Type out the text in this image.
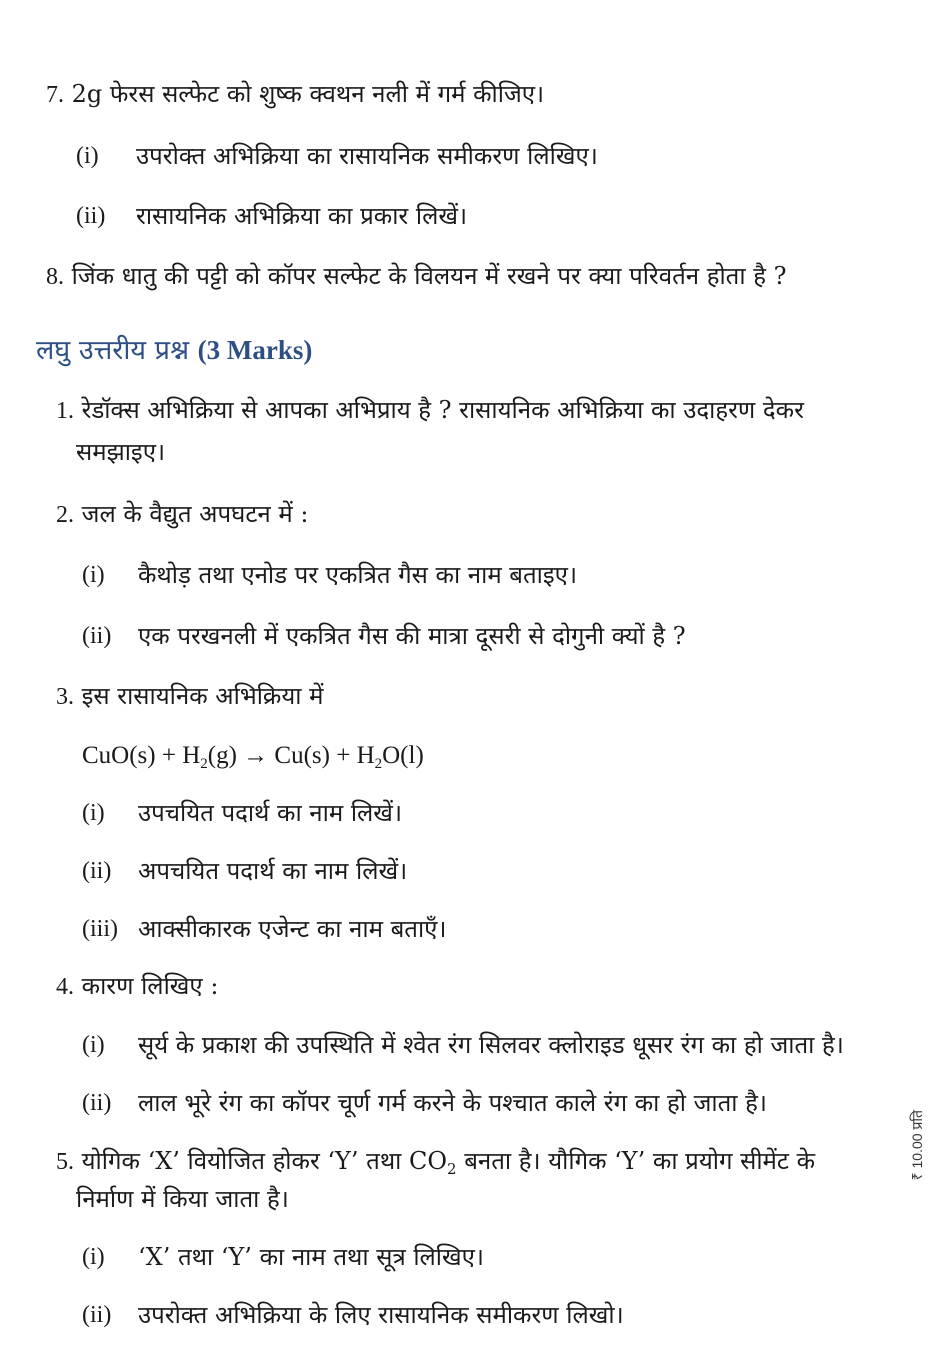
7. 2g फेरस सल्फेट को शुष्क क्वथन नली में गर्म कीजिए।
(i) उपरोक्त अभिक्रिया का रासायनिक समीकरण लिखिए।
(ii) रासायनिक अभिक्रिया का प्रकार लिखें।
8. जिंक धातु की पट्टी को कॉपर सल्फेट के विलयन में रखने पर क्या परिवर्तन होता है ?
लघु उत्तरीय प्रश्न (3 Marks)
1. रेडॉक्स अभिक्रिया से आपका अभिप्राय है ? रासायनिक अभिक्रिया का उदाहरण देकर
समझाइए।
2. जल के वैद्युत अपघटन में :
(i) कैथोड़ तथा एनोड पर एकत्रित गैस का नाम बताइए।
(ii) एक परखनली में एकत्रित गैस की मात्रा दूसरी से दोगुनी क्यों है ?
3. इस रासायनिक अभिक्रिया में
$CuO(s) + H_2(g) \to Cu(s) + H_2O(l)$
(i) उपचयित पदार्थ का नाम लिखें।
(ii) अपचयित पदार्थ का नाम लिखें।
(iii) आक्सीकारक एजेन्ट का नाम बताएँ।
4. कारण लिखिए :
(i) सूर्य के प्रकाश की उपस्थिति में श्वेत रंग सिलवर क्लोराइड धूसर रंग का हो जाता है।
(ii) लाल भूरे रंग का कॉपर चूर्ण गर्म करने के पश्चात काले रंग का हो जाता है।
5. योगिक ‘X’ वियोजित होकर ‘Y’ तथा $CO_2$ बनता है। यौगिक ‘Y’ का प्रयोग सीमेंट के
निर्माण में किया जाता है।
(i) ‘X’ तथा ‘Y’ का नाम तथा सूत्र लिखिए।
(ii) उपरोक्त अभिक्रिया के लिए रासायनिक समीकरण लिखो।
₹ 10.00 प्रति
